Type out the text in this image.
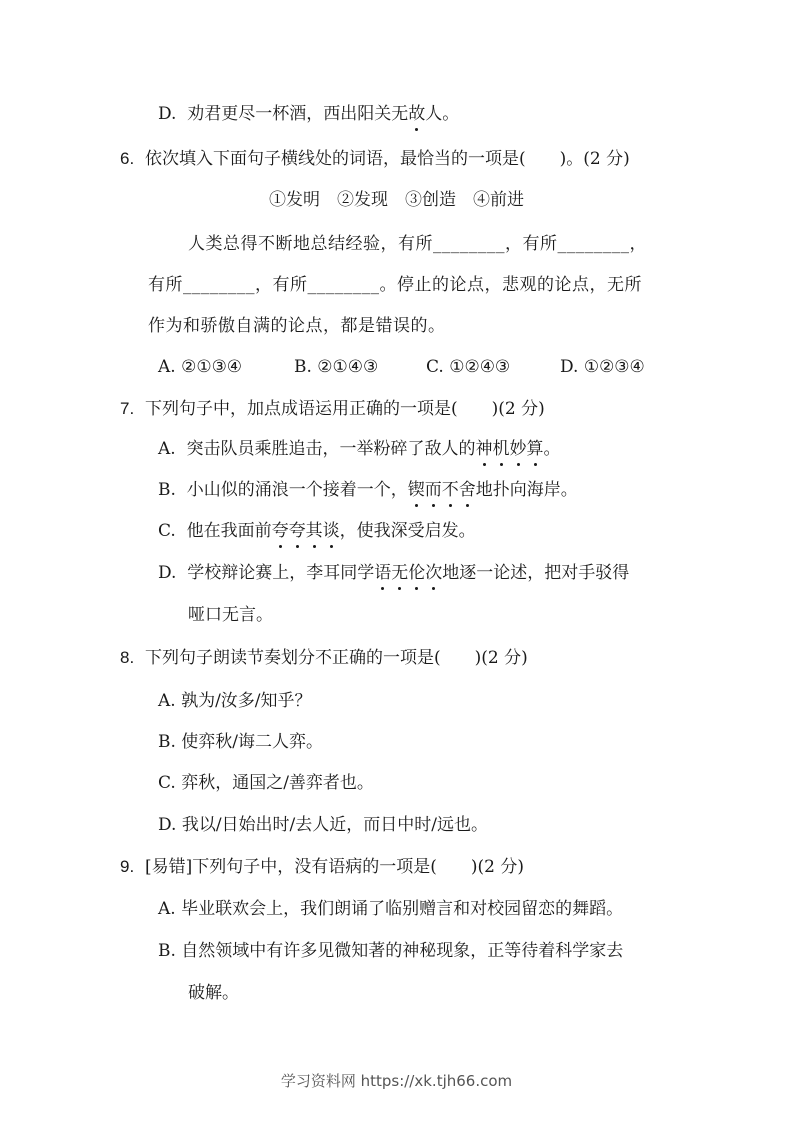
D. 劝君更尽一杯酒，西出阳关无故人。
6. 依次填入下面句子横线处的词语，最恰当的一项是(　　)。(2 分)
①发明　②发现　③创造　④前进
人类总得不断地总结经验，有所________，有所________，
有所________，有所________。停止的论点，悲观的论点，无所
作为和骄傲自满的论点，都是错误的。
A. ②①③④	B. ②①④③	C. ①②④③	D. ①②③④
7. 下列句子中，加点成语运用正确的一项是(　　)(2 分)
A. 突击队员乘胜追击，一举粉碎了敌人的神机妙算。
B. 小山似的涌浪一个接着一个，锲而不舍地扑向海岸。
C. 他在我面前夸夸其谈，使我深受启发。
D. 学校辩论赛上，李耳同学语无伦次地逐一论述，把对手驳得
哑口无言。
8. 下列句子朗读节奏划分不正确的一项是(　　)(2 分)
A. 孰为/汝多/知乎？
B. 使弈秋/诲二人弈。
C. 弈秋，通国之/善弈者也。
D. 我以/日始出时/去人近，而日中时/远也。
9. [易错]下列句子中，没有语病的一项是(　　)(2 分)
A. 毕业联欢会上，我们朗诵了临别赠言和对校园留恋的舞蹈。
B. 自然领域中有许多见微知著的神秘现象，正等待着科学家去
破解。
学习资料网 https://xk.tjh66.com
